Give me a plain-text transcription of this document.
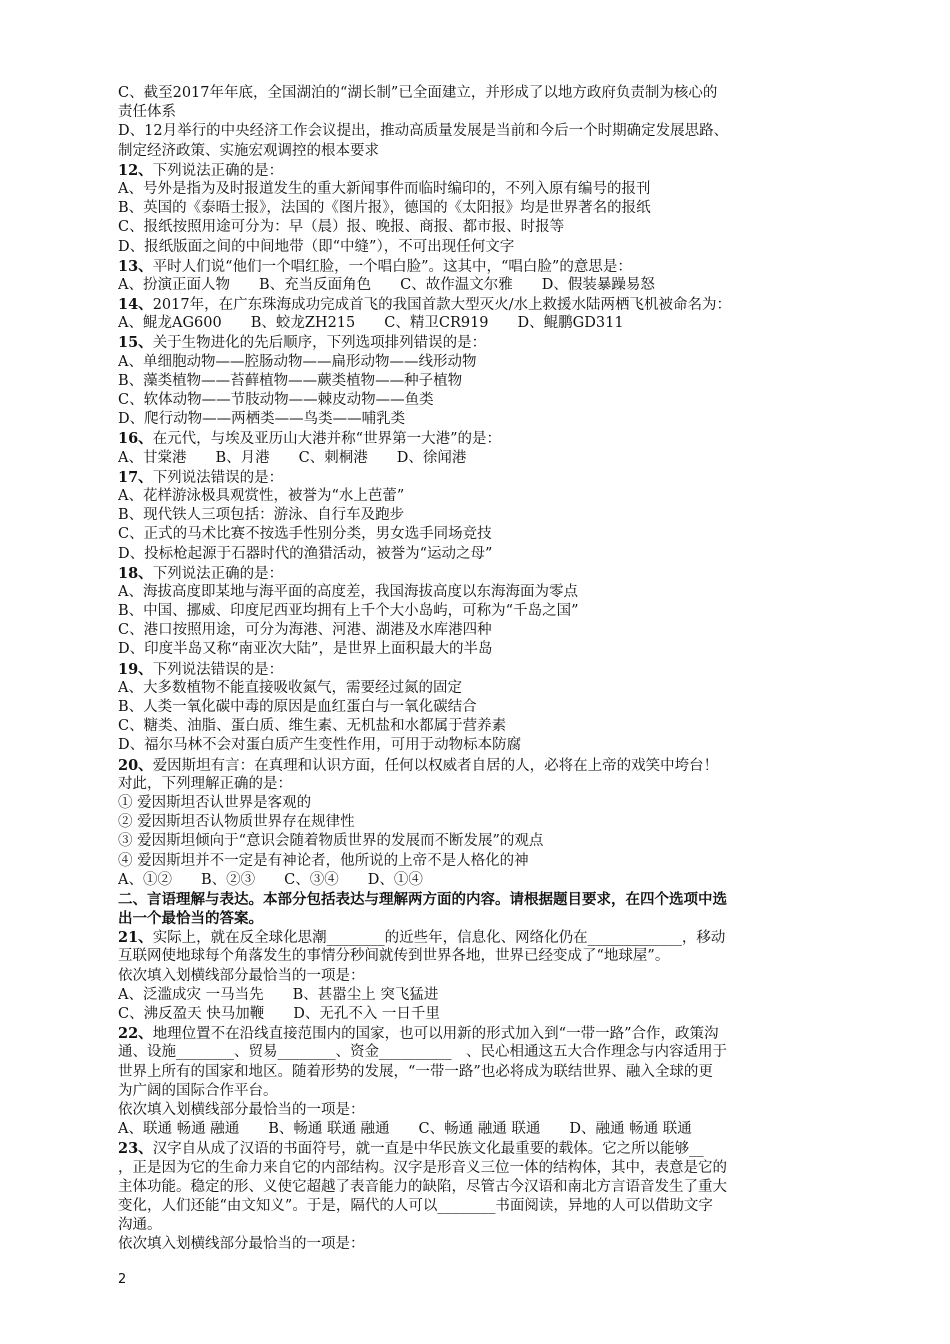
C、截至2017年年底，全国湖泊的“湖长制”已全面建立，并形成了以地方政府负责制为核心的
责任体系
D、12月举行的中央经济工作会议提出，推动高质量发展是当前和今后一个时期确定发展思路、
制定经济政策、实施宏观调控的根本要求
12、下列说法正确的是：
A、号外是指为及时报道发生的重大新闻事件而临时编印的，不列入原有编号的报刊
B、英国的《泰晤士报》，法国的《图片报》，德国的《太阳报》均是世界著名的报纸
C、报纸按照用途可分为：早（晨）报、晚报、商报、都市报、时报等
D、报纸版面之间的中间地带（即“中缝”），不可出现任何文字
13、平时人们说“他们一个唱红脸，一个唱白脸”。这其中，“唱白脸”的意思是：
A、扮演正面人物　　B、充当反面角色　　C、故作温文尔雅　　D、假装暴躁易怒
14、2017年，在广东珠海成功完成首飞的我国首款大型灭火/水上救援水陆两栖飞机被命名为：
A、鲲龙AG600　　B、蛟龙ZH215　　C、精卫CR919　　D、鲲鹏GD311
15、关于生物进化的先后顺序，下列选项排列错误的是：
A、单细胞动物——腔肠动物——扁形动物——线形动物
B、藻类植物——苔藓植物——蕨类植物——种子植物
C、软体动物——节肢动物——棘皮动物——鱼类
D、爬行动物——两栖类——鸟类——哺乳类
16、在元代，与埃及亚历山大港并称“世界第一大港”的是：
A、甘棠港　　B、月港　　C、刺桐港　　D、徐闻港
17、下列说法错误的是：
A、花样游泳极具观赏性，被誉为“水上芭蕾”
B、现代铁人三项包括：游泳、自行车及跑步
C、正式的马术比赛不按选手性别分类，男女选手同场竞技
D、投标枪起源于石器时代的渔猎活动，被誉为“运动之母”
18、下列说法正确的是：
A、海拔高度即某地与海平面的高度差，我国海拔高度以东海海面为零点
B、中国、挪威、印度尼西亚均拥有上千个大小岛屿，可称为“千岛之国”
C、港口按照用途，可分为海港、河港、湖港及水库港四种
D、印度半岛又称“南亚次大陆”，是世界上面积最大的半岛
19、下列说法错误的是：
A、大多数植物不能直接吸收氮气，需要经过氮的固定
B、人类一氧化碳中毒的原因是血红蛋白与一氧化碳结合
C、糖类、油脂、蛋白质、维生素、无机盐和水都属于营养素
D、福尔马林不会对蛋白质产生变性作用，可用于动物标本防腐
20、爱因斯坦有言：在真理和认识方面，任何以权威者自居的人，必将在上帝的戏笑中垮台！
对此，下列理解正确的是：
① 爱因斯坦否认世界是客观的
② 爱因斯坦否认物质世界存在规律性
③ 爱因斯坦倾向于“意识会随着物质世界的发展而不断发展”的观点
④ 爱因斯坦并不一定是有神论者，他所说的上帝不是人格化的神
A、①②　　B、②③　　C、③④　　D、①④
二、言语理解与表达。本部分包括表达与理解两方面的内容。请根据题目要求，在四个选项中选
出一个最恰当的答案。
21、实际上，就在反全球化思潮________的近些年，信息化、网络化仍在_____________，移动
互联网使地球每个角落发生的事情分秒间就传到世界各地，世界已经变成了“地球屋”。
依次填入划横线部分最恰当的一项是：
A、泛滥成灾 一马当先　　B、甚嚣尘上 突飞猛进
C、沸反盈天 快马加鞭　　D、无孔不入 一日千里
22、地理位置不在沿线直接范围内的国家，也可以用新的形式加入到“一带一路”合作，政策沟
通、设施________、贸易________、资金__________　、民心相通这五大合作理念与内容适用于
世界上所有的国家和地区。随着形势的发展，“一带一路”也必将成为联结世界、融入全球的更
为广阔的国际合作平台。
依次填入划横线部分最恰当的一项是：
A、联通 畅通 融通　　B、畅通 联通 融通　　C、畅通 融通 联通　　D、融通 畅通 联通
23、汉字自从成了汉语的书面符号，就一直是中华民族文化最重要的载体。它之所以能够__
，正是因为它的生命力来自它的内部结构。汉字是形音义三位一体的结构体，其中，表意是它的
主体功能。稳定的形、义使它超越了表音能力的缺陷，尽管古今汉语和南北方言语音发生了重大
变化，人们还能“由文知义”。于是，隔代的人可以________书面阅读，异地的人可以借助文字
沟通。
依次填入划横线部分最恰当的一项是：
2
